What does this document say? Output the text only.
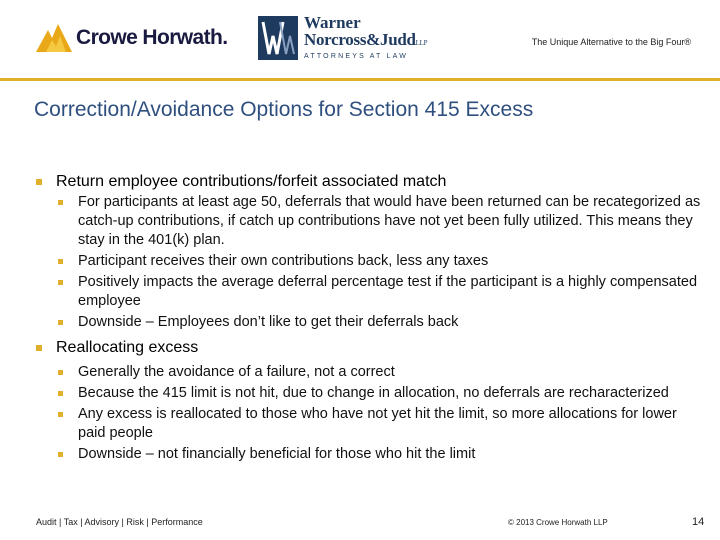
Crowe Horwath.
Warner
Norcross&JuddLLP
ATTORNEYS AT LAW
The Unique Alternative to the Big Four®
Correction/Avoidance Options for Section 415 Excess
Return employee contributions/forfeit associated match
For participants at least age 50, deferrals that would have been returned can be recategorized as catch-up contributions, if catch up contributions have not yet been fully utilized. This means they stay in the 401(k) plan.
Participant receives their own contributions back, less any taxes
Positively impacts the average deferral percentage test if the participant is a highly compensated employee
Downside – Employees don’t like to get their deferrals back
Reallocating excess
Generally the avoidance of a failure, not a correct
Because the 415 limit is not hit, due to change in allocation, no deferrals are recharacterized
Any excess is reallocated to those who have not yet hit the limit, so more allocations for lower paid people
Downside – not financially beneficial for those who hit the limit
Audit | Tax | Advisory | Risk | Performance	© 2013 Crowe Horwath LLP	14
